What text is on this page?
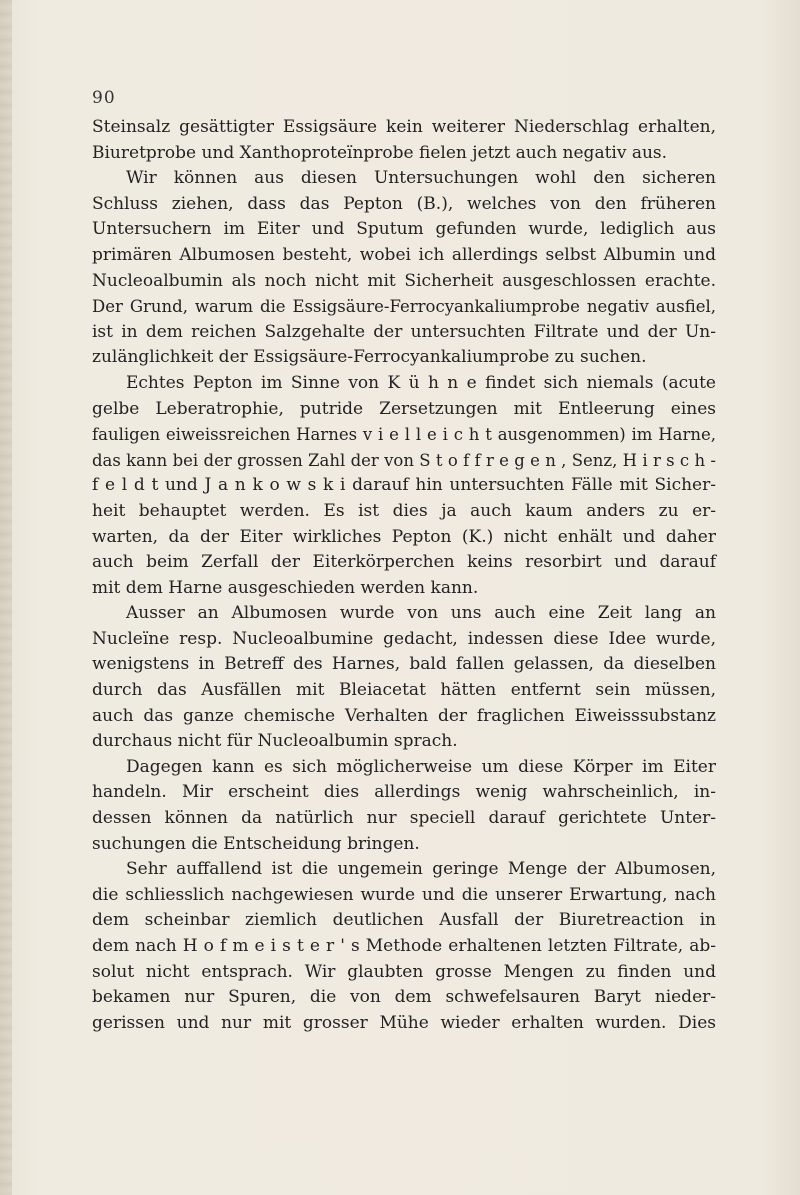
90
Steinsalz gesättigter Essigsäure kein weiterer Niederschlag erhalten,
Biuretprobe und Xanthoproteïnprobe fielen jetzt auch negativ aus.
Wir können aus diesen Untersuchungen wohl den sicheren
Schluss ziehen, dass das Pepton (B.), welches von den früheren
Untersuchern im Eiter und Sputum gefunden wurde, lediglich aus
primären Albumosen besteht, wobei ich allerdings selbst Albumin und
Nucleoalbumin als noch nicht mit Sicherheit ausgeschlossen erachte.
Der Grund, warum die Essigsäure-Ferrocyankaliumprobe negativ ausfiel,
ist in dem reichen Salzgehalte der untersuchten Filtrate und der Un-
zulänglichkeit der Essigsäure-Ferrocyankaliumprobe zu suchen.
Echtes Pepton im Sinne von K ü h n e findet sich niemals (acute
gelbe Leberatrophie, putride Zersetzungen mit Entleerung eines
fauligen eiweissreichen Harnes v i e l l e i c h t ausgenommen) im Harne,
das kann bei der grossen Zahl der von S t o f f r e g e n , Senz, H i r s c h -
f e l d t und J a n k o w s k i darauf hin untersuchten Fälle mit Sicher-
heit behauptet werden. Es ist dies ja auch kaum anders zu er-
warten, da der Eiter wirkliches Pepton (K.) nicht enhält und daher
auch beim Zerfall der Eiterkörperchen keins resorbirt und darauf
mit dem Harne ausgeschieden werden kann.
Ausser an Albumosen wurde von uns auch eine Zeit lang an
Nucleïne resp. Nucleoalbumine gedacht, indessen diese Idee wurde,
wenigstens in Betreff des Harnes, bald fallen gelassen, da dieselben
durch das Ausfällen mit Bleiacetat hätten entfernt sein müssen,
auch das ganze chemische Verhalten der fraglichen Eiweisssubstanz
durchaus nicht für Nucleoalbumin sprach.
Dagegen kann es sich möglicherweise um diese Körper im Eiter
handeln. Mir erscheint dies allerdings wenig wahrscheinlich, in-
dessen können da natürlich nur speciell darauf gerichtete Unter-
suchungen die Entscheidung bringen.
Sehr auffallend ist die ungemein geringe Menge der Albumosen,
die schliesslich nachgewiesen wurde und die unserer Erwartung, nach
dem scheinbar ziemlich deutlichen Ausfall der Biuretreaction in
dem nach H o f m e i s t e r ' s Methode erhaltenen letzten Filtrate, ab-
solut nicht entsprach. Wir glaubten grosse Mengen zu finden und
bekamen nur Spuren, die von dem schwefelsauren Baryt nieder-
gerissen und nur mit grosser Mühe wieder erhalten wurden. Dies
